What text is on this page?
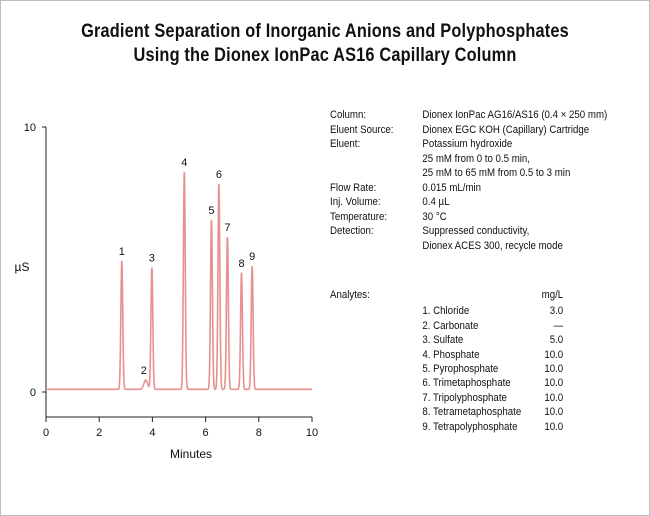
Gradient Separation of Inorganic Anions and Polyphosphates
Using the Dionex IonPac AS16 Capillary Column
0	2	4	6	8	10
0
10
1
2
3
4
5
6
7
8
9
Minutes
µS
Column:	Dionex IonPac AG16/AS16 (0.4 × 250 mm)
Eluent Source:	Dionex EGC KOH (Capillary) Cartridge
Eluent:	Potassium hydroxide
25 mM from 0 to 0.5 min,
25 mM to 65 mM from 0.5 to 3 min
Flow Rate:	0.015 mL/min
Inj. Volume:	0.4 µL
Temperature:	30 °C
Detection:	Suppressed conductivity,
Dionex ACES 300, recycle mode
Analytes:	mg/L
1. Chloride	3.0
2. Carbonate	—
3. Sulfate	5.0
4. Phosphate	10.0
5. Pyrophosphate	10.0
6. Trimetaphosphate	10.0
7. Tripolyphosphate	10.0
8. Tetrametaphosphate	10.0
9. Tetrapolyphosphate	10.0
